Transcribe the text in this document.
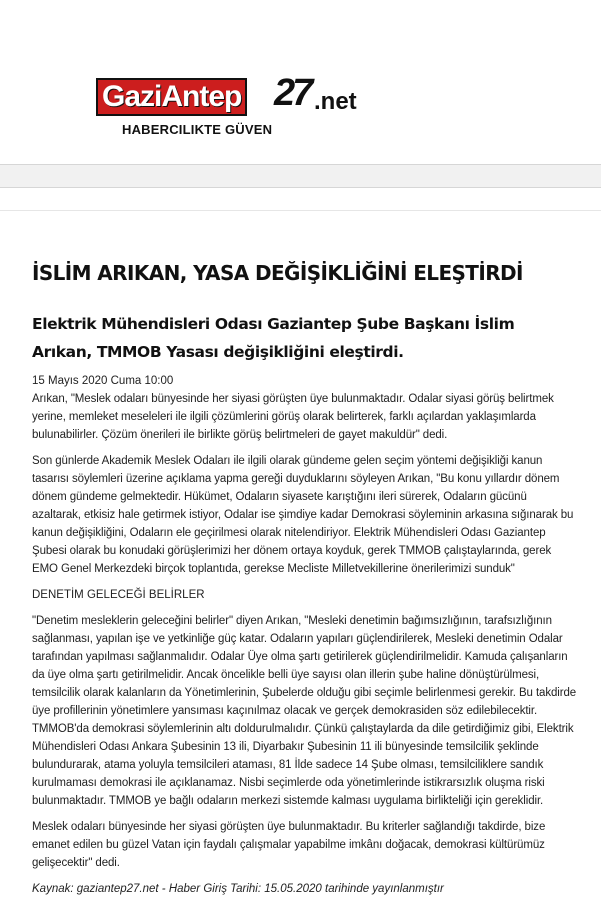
GaziAntep 27 .net
HABERCILIKTE GÜVEN
İSLİM ARIKAN, YASA DEĞİŞİKLİĞİNİ ELEŞTİRDİ
Elektrik Mühendisleri Odası Gaziantep Şube Başkanı İslim Arıkan, TMMOB Yasası değişikliğini eleştirdi.
15 Mayıs 2020 Cuma 10:00

Arıkan, "Meslek odaları bünyesinde her siyasi görüşten üye bulunmaktadır. Odalar siyasi görüş belirtmek yerine, memleket meseleleri ile ilgili çözümlerini görüş olarak belirterek, farklı açılardan yaklaşımlarda bulunabilirler. Çözüm önerileri ile birlikte görüş belirtmeleri de gayet makuldür" dedi.

Son günlerde Akademik Meslek Odaları ile ilgili olarak gündeme gelen seçim yöntemi değişikliği kanun tasarısı söylemleri üzerine açıklama yapma gereği duyduklarını söyleyen Arıkan, "Bu konu yıllardır dönem dönem gündeme gelmektedir. Hükümet, Odaların siyasete karıştığını ileri sürerek, Odaların gücünü azaltarak, etkisiz hale getirmek istiyor, Odalar ise şimdiye kadar Demokrasi söyleminin arkasına sığınarak bu kanun değişikliğini, Odaların ele geçirilmesi olarak nitelendiriyor. Elektrik Mühendisleri Odası Gaziantep Şubesi olarak bu konudaki görüşlerimizi her dönem ortaya koyduk, gerek TMMOB çalıştaylarında, gerek EMO Genel Merkezdeki birçok toplantıda, gerekse Mecliste Milletvekillerine önerilerimizi sunduk"

DENETİM GELECEĞİ BELİRLER

"Denetim mesleklerin geleceğini belirler" diyen Arıkan, "Mesleki denetimin bağımsızlığının, tarafsızlığının sağlanması, yapılan işe ve yetkinliğe güç katar. Odaların yapıları güçlendirilerek, Mesleki denetimin Odalar tarafından yapılması sağlanmalıdır. Odalar Üye olma şartı getirilerek güçlendirilmelidir. Kamuda çalışanların da üye olma şartı getirilmelidir. Ancak öncelikle belli üye sayısı olan illerin şube haline dönüştürülmesi, temsilcilik olarak kalanların da Yönetimlerinin, Şubelerde olduğu gibi seçimle belirlenmesi gerekir. Bu takdirde üye profillerinin yönetimlere yansıması kaçınılmaz olacak ve gerçek demokrasiden söz edilebilecektir. TMMOB'da demokrasi söylemlerinin altı doldurulmalıdır. Çünkü çalıştaylarda da dile getirdiğimiz gibi, Elektrik Mühendisleri Odası Ankara Şubesinin 13 ili, Diyarbakır Şubesinin 11 ili bünyesinde temsilcilik şeklinde bulundurarak, atama yoluyla temsilcileri ataması, 81 İlde sadece 14 Şube olması, temsilciliklere sandık kurulmaması demokrasi ile açıklanamaz. Nisbi seçimlerde oda yönetimlerinde istikrarsızlık oluşma riski bulunmaktadır. TMMOB ye bağlı odaların merkezi sistemde kalması uygulama birlikteliği için gereklidir.

Meslek odaları bünyesinde her siyasi görüşten üye bulunmaktadır. Bu kriterler sağlandığı takdirde, bize emanet edilen bu güzel Vatan için faydalı çalışmalar yapabilme imkânı doğacak, demokrasi kültürümüz gelişecektir" dedi.

Kaynak: gaziantep27.net - Haber Giriş Tarihi: 15.05.2020 tarihinde yayınlanmıştır
